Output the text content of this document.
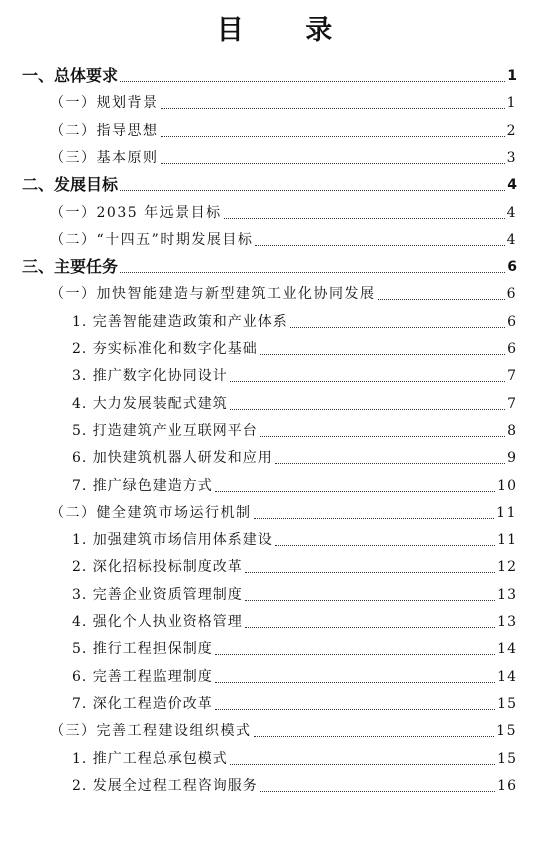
目 录
一、总体要求	1
（一）规划背景	1
（二）指导思想	2
（三）基本原则	3
二、发展目标	4
（一）2035 年远景目标	4
（二）“十四五”时期发展目标	4
三、主要任务	6
（一）加快智能建造与新型建筑工业化协同发展	6
1. 完善智能建造政策和产业体系	6
2. 夯实标准化和数字化基础	6
3. 推广数字化协同设计	7
4. 大力发展装配式建筑	7
5. 打造建筑产业互联网平台	8
6. 加快建筑机器人研发和应用	9
7. 推广绿色建造方式	10
（二）健全建筑市场运行机制	11
1. 加强建筑市场信用体系建设	11
2. 深化招标投标制度改革	12
3. 完善企业资质管理制度	13
4. 强化个人执业资格管理	13
5. 推行工程担保制度	14
6. 完善工程监理制度	14
7. 深化工程造价改革	15
（三）完善工程建设组织模式	15
1. 推广工程总承包模式	15
2. 发展全过程工程咨询服务	16
